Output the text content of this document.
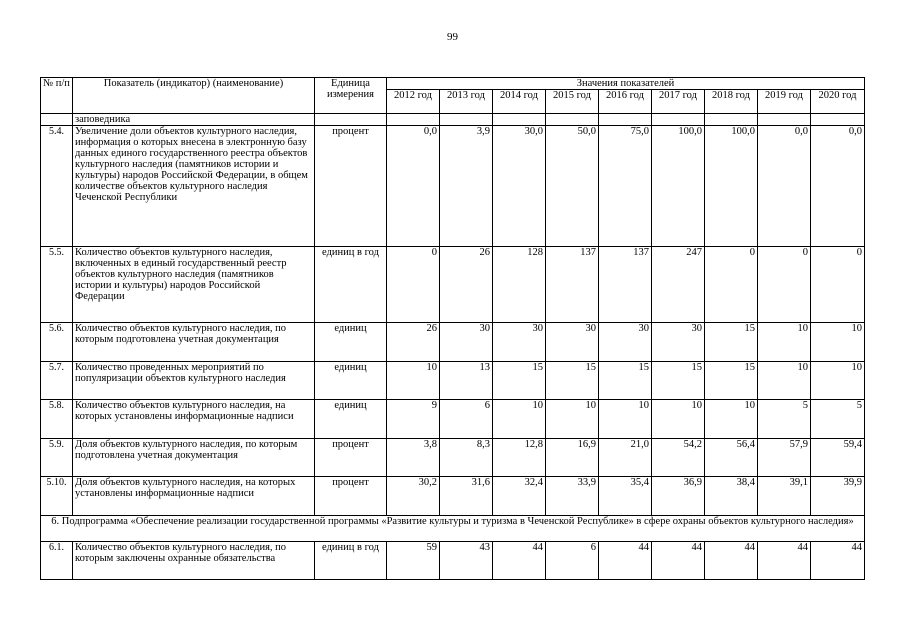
99
№ п/п	Показатель (индикатор) (наименование)	Единица измерения	Значения показателей								
			2012 год	2013 год	2014 год	2015 год	2016 год	2017 год	2018 год	2019 год	2020 год
	заповедника										
5.4.	Увеличение доли объектов культурного наследия, информация о которых внесена в электронную базу данных единого государственного реестра объектов культурного наследия (памятников истории и культуры) народов Российской Федерации, в общем количестве объектов культурного наследия Чеченской Республики	процент	0,0	3,9	30,0	50,0	75,0	100,0	100,0	0,0	0,0
5.5.	Количество объектов культурного наследия, включенных в единый государственный реестр объектов культурного наследия (памятников истории и культуры) народов Российской Федерации	единиц в год	0	26	128	137	137	247	0	0	0
5.6.	Количество объектов культурного наследия, по которым подготовлена учетная документация	единиц	26	30	30	30	30	30	15	10	10
5.7.	Количество проведенных мероприятий по популяризации объектов культурного наследия	единиц	10	13	15	15	15	15	15	10	10
5.8.	Количество объектов культурного наследия, на которых установлены информационные надписи	единиц	9	6	10	10	10	10	10	5	5
5.9.	Доля объектов культурного наследия, по которым подготовлена учетная документация	процент	3,8	8,3	12,8	16,9	21,0	54,2	56,4	57,9	59,4
5.10.	Доля объектов культурного наследия, на которых установлены информационные надписи	процент	30,2	31,6	32,4	33,9	35,4	36,9	38,4	39,1	39,9
6. Подпрограмма «Обеспечение реализации государственной программы «Развитие культуры и туризма в Чеченской Республике» в сфере охраны объектов культурного наследия»											
6.1.	Количество объектов культурного наследия, по которым заключены охранные обязательства	единиц в год	59	43	44	6	44	44	44	44	44
